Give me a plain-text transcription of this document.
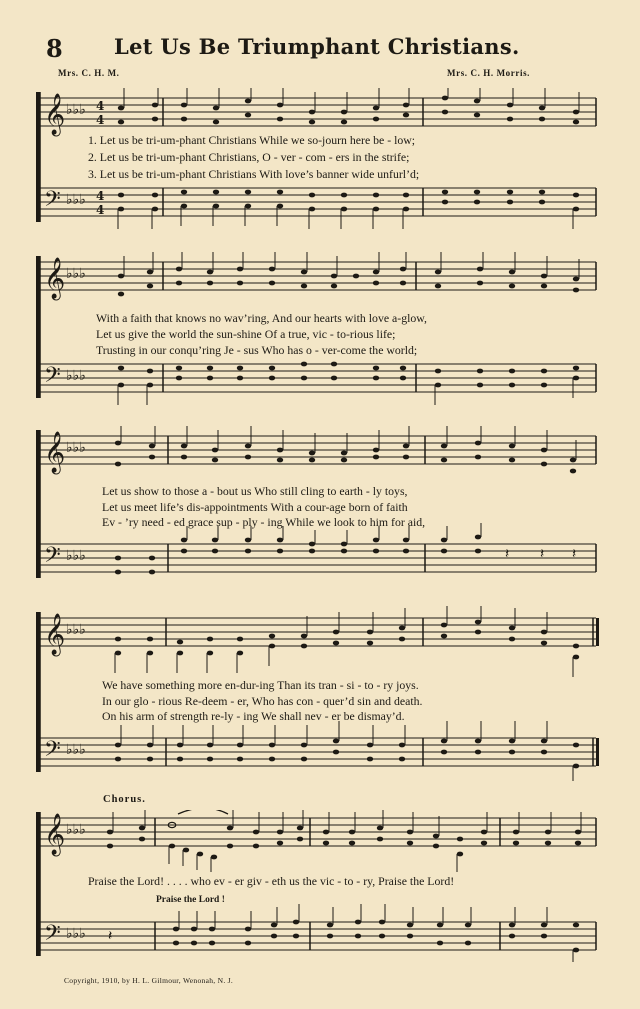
8 Let Us Be Triumphant Christians.
Mrs. C. H. M.	Mrs. C. H. Morris.
𝄞
𝄢
♭♭♭
♭♭♭
4
4
4
4
1. Let us be tri-um-phant Christians While we so-journ here be - low;
2. Let us be tri-um-phant Christians, O - ver - com - ers in the strife;
3. Let us be tri-um-phant Christians With love’s banner wide unfurl’d;
𝄞
𝄢
♭♭♭
♭♭♭
With a faith that knows no wav’ring, And our hearts with love a-glow,
Let us give the world the sun-shine Of a true, vic - to-rious life;
Trusting in our conqu’ring Je - sus Who has o - ver-come the world;
𝄞
𝄢
♭♭♭
♭♭♭	𝄽 𝄽 𝄽
Let us show to those a - bout us Who still cling to earth - ly toys,
Let us meet life’s dis-appointments With a cour-age born of faith
Ev - ’ry need - ed grace sup - ply - ing While we look to him for aid,
𝄞
𝄢
♭♭♭
♭♭♭
We have something more en-dur-ing Than its tran - si - to - ry joys.
In our glo - rious Re-deem - er, Who has con - quer’d sin and death.
On his arm of strength re-ly - ing We shall nev - er be dismay’d.
Chorus.
𝄞
𝄢
♭♭♭
♭♭♭ 𝄽
Praise the Lord! . . . . who ev - er giv - eth us the vic - to - ry, Praise the Lord!
Praise the Lord !
Copyright, 1910, by H. L. Gilmour, Wenonah, N. J.
